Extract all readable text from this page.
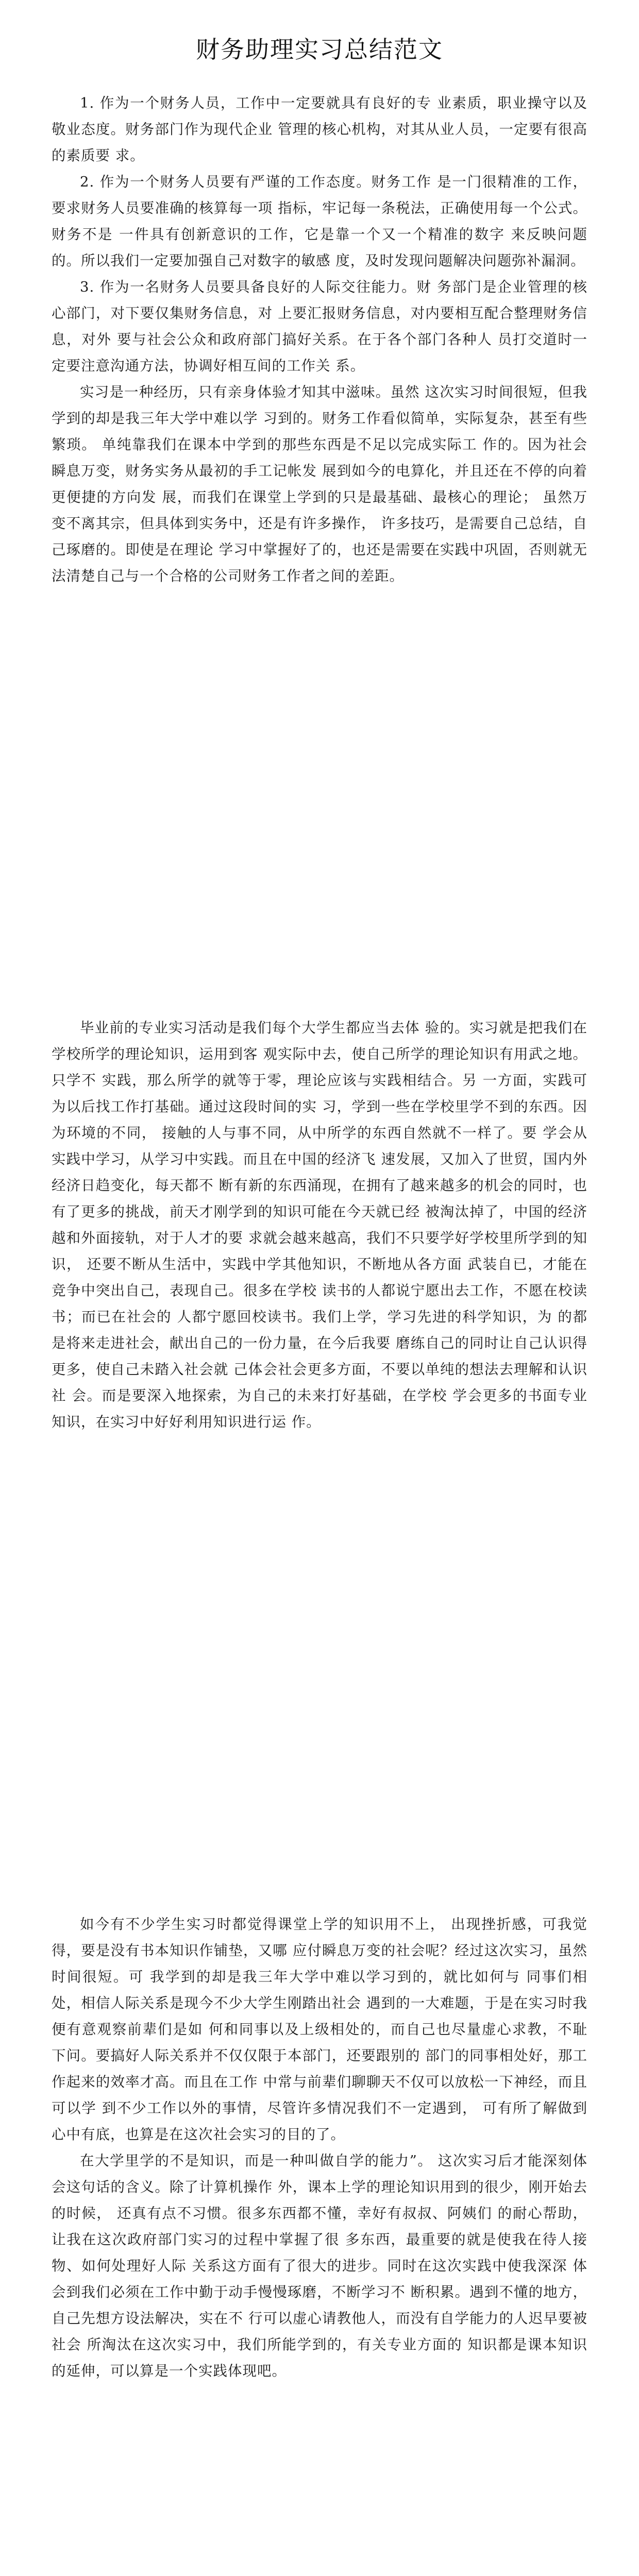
财务助理实习总结范文

1. 作为一个财务人员，工作中一定要就具有良好的专 业素质，职业操守以及敬业态度。财务部门作为现代企业 管理的核心机构，对其从业人员，一定要有很高的素质要 求。

2. 作为一个财务人员要有严谨的工作态度。财务工作 是一门很精准的工作，要求财务人员要准确的核算每一项 指标，牢记每一条税法，正确使用每一个公式。财务不是 一件具有创新意识的工作，它是靠一个又一个精准的数字 来反映问题的。所以我们一定要加强自己对数字的敏感 度，及时发现问题解决问题弥补漏洞。

3. 作为一名财务人员要具备良好的人际交往能力。财 务部门是企业管理的核心部门，对下要仅集财务信息，对 上要汇报财务信息，对内要相互配合整理财务信息，对外 要与社会公众和政府部门搞好关系。在于各个部门各种人 员打交道时一定要注意沟通方法，协调好相互间的工作关 系。

实习是一种经历，只有亲身体验才知其中滋味。虽然 这次实习时间很短，但我学到的却是我三年大学中难以学 习到的。财务工作看似简单，实际复杂，甚至有些繁琐。 单纯靠我们在课本中学到的那些东西是不足以完成实际工 作的。因为社会瞬息万变，财务实务从最初的手工记帐发 展到如今的电算化，并且还在不停的向着更便捷的方向发 展，而我们在课堂上学到的只是最基础、最核心的理论； 虽然万变不离其宗，但具体到实务中，还是有许多操作， 许多技巧，是需要自己总结，自己琢磨的。即使是在理论 学习中掌握好了的，也还是需要在实践中巩固，否则就无 法清楚自己与一个合格的公司财务工作者之间的差距。

毕业前的专业实习活动是我们每个大学生都应当去体 验的。实习就是把我们在学校所学的理论知识，运用到客 观实际中去，使自己所学的理论知识有用武之地。只学不 实践，那么所学的就等于零，理论应该与实践相结合。另 一方面，实践可为以后找工作打基础。通过这段时间的实 习，学到一些在学校里学不到的东西。因为环境的不同， 接触的人与事不同，从中所学的东西自然就不一样了。要 学会从实践中学习，从学习中实践。而且在中国的经济飞 速发展，又加入了世贸，国内外经济日趋变化，每天都不 断有新的东西涌现，在拥有了越来越多的机会的同时，也 有了更多的挑战，前天才刚学到的知识可能在今天就已经 被淘汰掉了，中国的经济越和外面接轨，对于人才的要 求就会越来越高，我们不只要学好学校里所学到的知识， 还要不断从生活中，实践中学其他知识，不断地从各方面 武装自已，才能在竞争中突出自己，表现自己。很多在学校 读书的人都说宁愿出去工作，不愿在校读书；而已在社会的 人都宁愿回校读书。我们上学，学习先进的科学知识，为 的都是将来走进社会，献出自己的一份力量，在今后我要 磨练自己的同时让自己认识得更多，使自己未踏入社会就 己体会社会更多方面，不要以单纯的想法去理解和认识社 会。而是要深入地探索，为自己的未来打好基础，在学校 学会更多的书面专业知识，在实习中好好利用知识进行运 作。

如今有不少学生实习时都觉得课堂上学的知识用不上， 出现挫折感，可我觉得，要是没有书本知识作铺垫，又哪 应付瞬息万变的社会呢？经过这次实习，虽然时间很短。可 我学到的却是我三年大学中难以学习到的，就比如何与 同事们相处，相信人际关系是现今不少大学生刚踏出社会 遇到的一大难题，于是在实习时我便有意观察前辈们是如 何和同事以及上级相处的，而自己也尽量虚心求教，不耻 下问。要搞好人际关系并不仅仅限于本部门，还要跟别的 部门的同事相处好，那工作起来的效率才高。而且在工作 中常与前辈们聊聊天不仅可以放松一下神经，而且可以学 到不少工作以外的事情，尽管许多情况我们不一定遇到， 可有所了解做到心中有底，也算是在这次社会实习的目的了。

在大学里学的不是知识，而是一种叫做自学的能力”。 这次实习后才能深刻体会这句话的含义。除了计算机操作 外，课本上学的理论知识用到的很少，刚开始去的时候， 还真有点不习惯。很多东西都不懂，幸好有叔叔、阿姨们 的耐心帮助，让我在这次政府部门实习的过程中掌握了很 多东西，最重要的就是使我在待人接物、如何处理好人际 关系这方面有了很大的进步。同时在这次实践中使我深深 体会到我们必须在工作中勤于动手慢慢琢磨，不断学习不 断积累。遇到不懂的地方，自己先想方设法解决，实在不 行可以虚心请教他人，而没有自学能力的人迟早要被社会 所淘汰在这次实习中，我们所能学到的，有关专业方面的 知识都是课本知识的延伸，可以算是一个实践体现吧。
